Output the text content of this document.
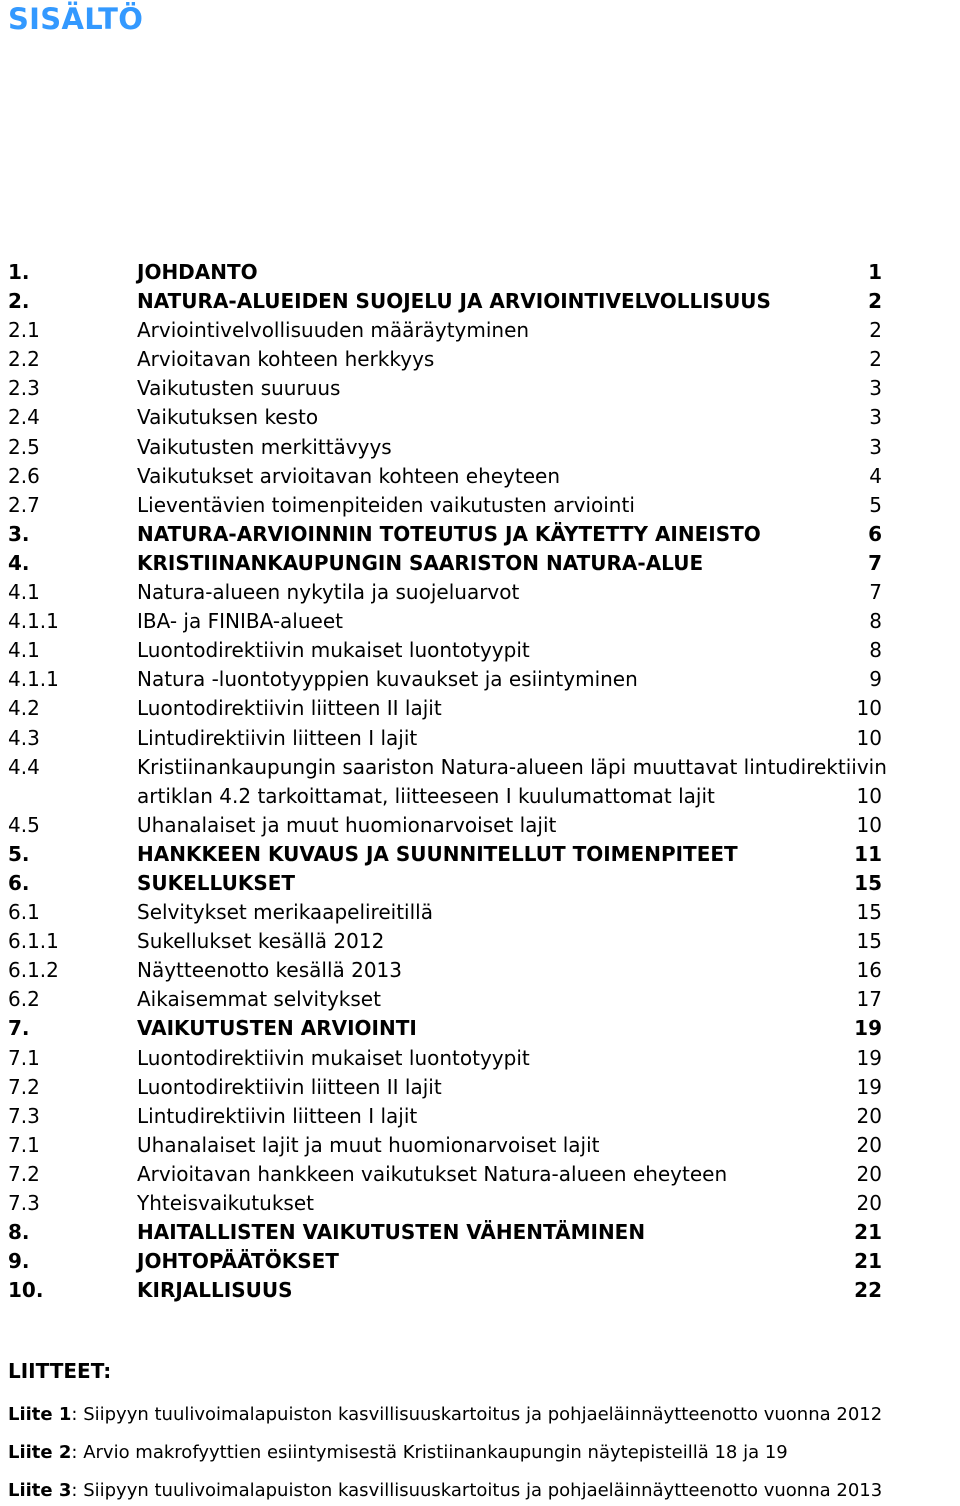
SISÄLTÖ
1.	JOHDANTO	1
2.	NATURA-ALUEIDEN SUOJELU JA ARVIOINTIVELVOLLISUUS	2
2.1	Arviointivelvollisuuden määräytyminen	2
2.2	Arvioitavan kohteen herkkyys	2
2.3	Vaikutusten suuruus	3
2.4	Vaikutuksen kesto	3
2.5	Vaikutusten merkittävyys	3
2.6	Vaikutukset arvioitavan kohteen eheyteen	4
2.7	Lieventävien toimenpiteiden vaikutusten arviointi	5
3.	NATURA-ARVIOINNIN TOTEUTUS JA KÄYTETTY AINEISTO	6
4.	KRISTIINANKAUPUNGIN SAARISTON NATURA-ALUE	7
4.1	Natura-alueen nykytila ja suojeluarvot	7
4.1.1	IBA- ja FINIBA-alueet	8
4.1	Luontodirektiivin mukaiset luontotyypit	8
4.1.1	Natura -luontotyyppien kuvaukset ja esiintyminen	9
4.2	Luontodirektiivin liitteen II lajit	10
4.3	Lintudirektiivin liitteen I lajit	10
4.4	Kristiinankaupungin saariston Natura-alueen läpi muuttavat lintudirektiivin
artiklan 4.2 tarkoittamat, liitteeseen I kuulumattomat lajit	10
4.5	Uhanalaiset ja muut huomionarvoiset lajit	10
5.	HANKKEEN KUVAUS JA SUUNNITELLUT TOIMENPITEET	11
6.	SUKELLUKSET	15
6.1	Selvitykset merikaapelireitillä	15
6.1.1	Sukellukset kesällä 2012	15
6.1.2	Näytteenotto kesällä 2013	16
6.2	Aikaisemmat selvitykset	17
7.	VAIKUTUSTEN ARVIOINTI	19
7.1	Luontodirektiivin mukaiset luontotyypit	19
7.2	Luontodirektiivin liitteen II lajit	19
7.3	Lintudirektiivin liitteen I lajit	20
7.1	Uhanalaiset lajit ja muut huomionarvoiset lajit	20
7.2	Arvioitavan hankkeen vaikutukset Natura-alueen eheyteen	20
7.3	Yhteisvaikutukset	20
8.	HAITALLISTEN VAIKUTUSTEN VÄHENTÄMINEN	21
9.	JOHTOPÄÄTÖKSET	21
10.	KIRJALLISUUS	22
LIITTEET:
Liite 1: Siipyyn tuulivoimalapuiston kasvillisuuskartoitus ja pohjaeläinnäytteenotto vuonna 2012
Liite 2: Arvio makrofyyttien esiintymisestä Kristiinankaupungin näytepisteillä 18 ja 19
Liite 3: Siipyyn tuulivoimalapuiston kasvillisuuskartoitus ja pohjaeläinnäytteenotto vuonna 2013
